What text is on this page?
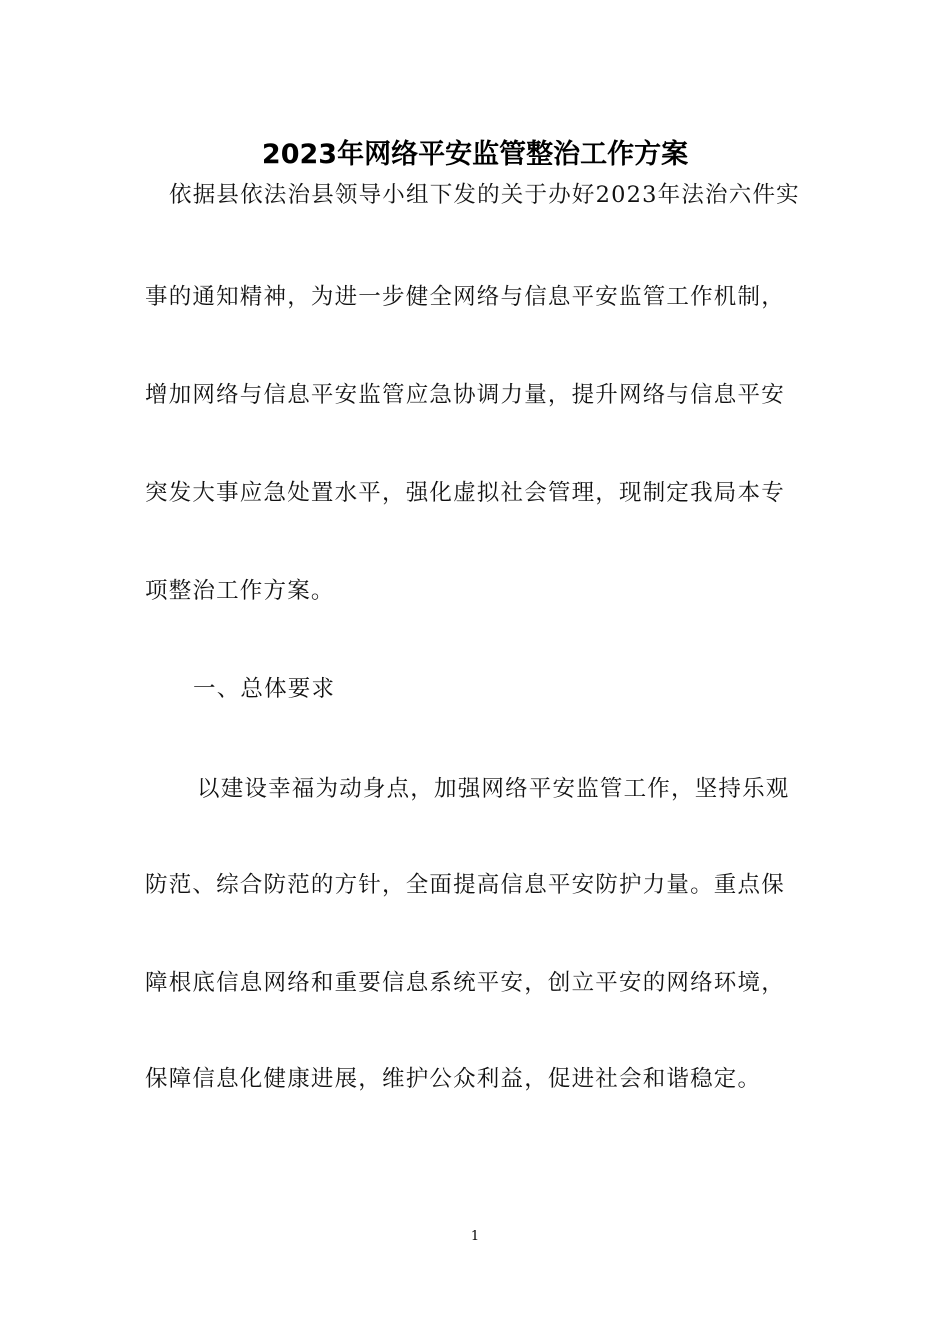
2023年网络平安监管整治工作方案
依据县依法治县领导小组下发的关于办好2023年法治六件实
事的通知精神，为进一步健全网络与信息平安监管工作机制，
增加网络与信息平安监管应急协调力量，提升网络与信息平安
突发大事应急处置水平，强化虚拟社会管理，现制定我局本专
项整治工作方案。
一、总体要求
以建设幸福为动身点，加强网络平安监管工作，坚持乐观
防范、综合防范的方针，全面提高信息平安防护力量。重点保
障根底信息网络和重要信息系统平安，创立平安的网络环境，
保障信息化健康进展，维护公众利益，促进社会和谐稳定。
1
